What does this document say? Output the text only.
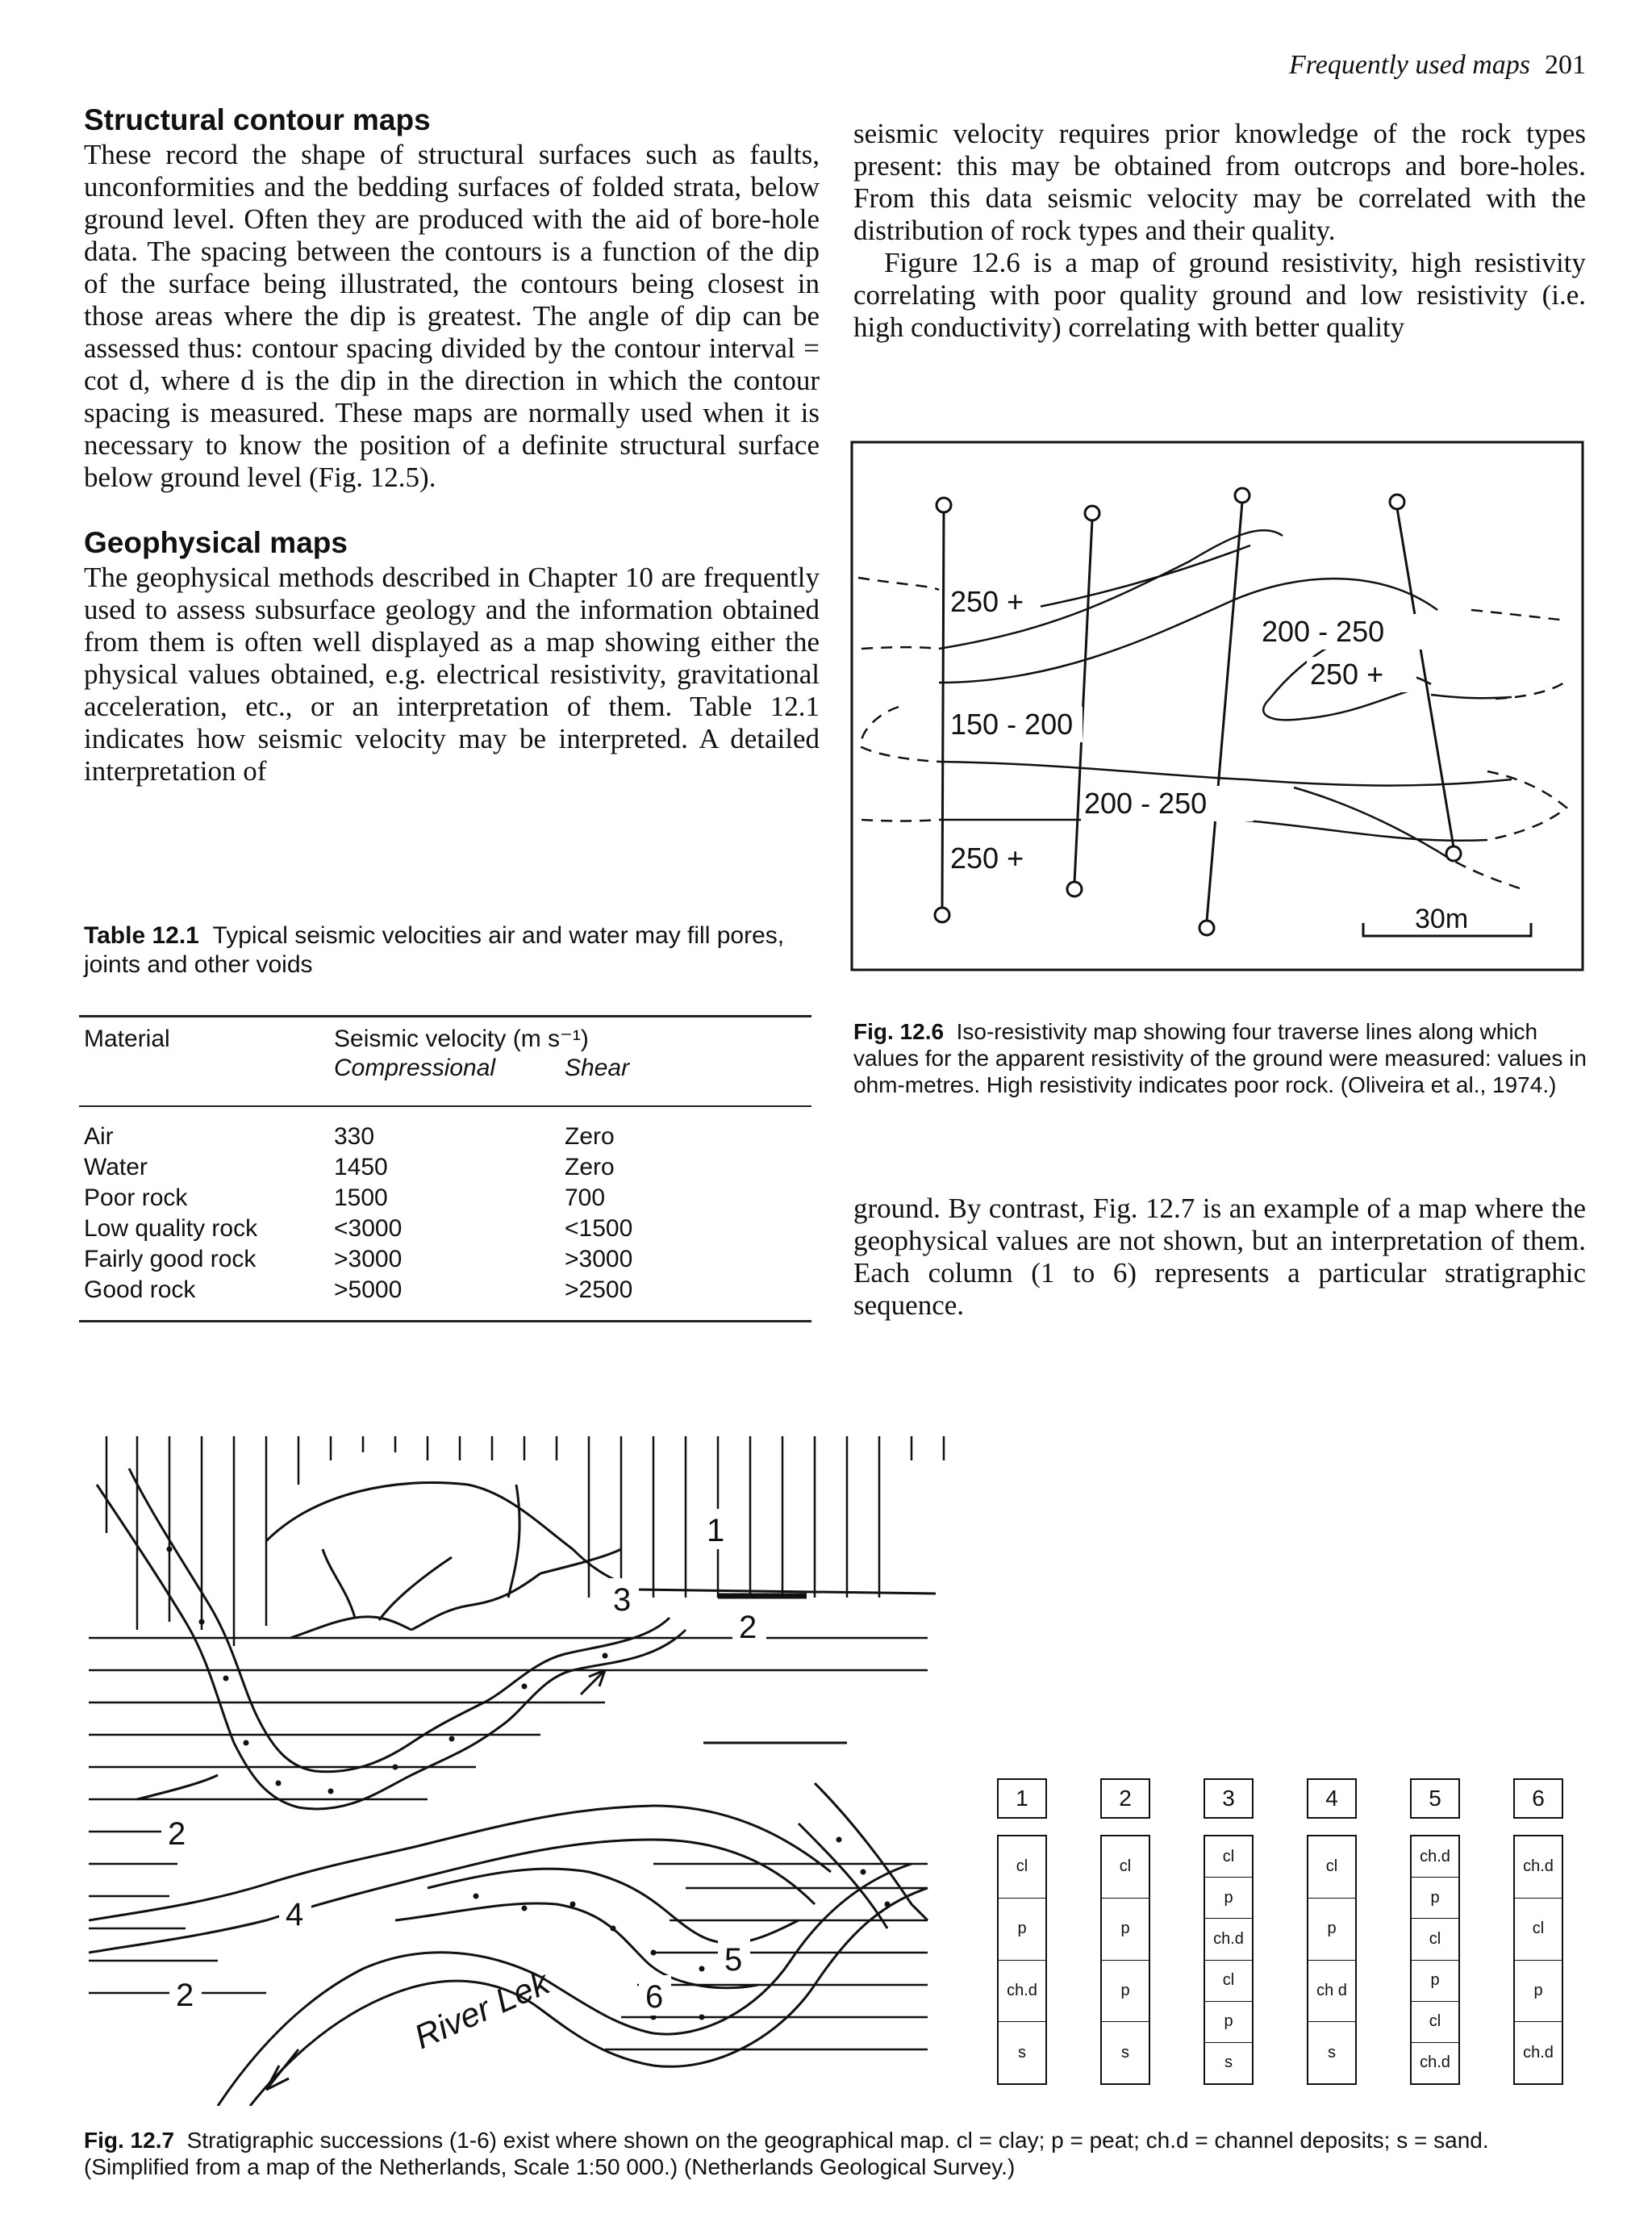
Frequently used maps 201
Structural contour maps

These record the shape of structural surfaces such as faults, unconformities and the bedding surfaces of folded strata, below ground level. Often they are produced with the aid of bore-hole data. The spacing between the contours is a function of the dip of the surface being illustrated, the contours being closest in those areas where the dip is greatest. The angle of dip can be assessed thus: contour spacing divided by the contour interval = cot d, where d is the dip in the direction in which the contour spacing is measured. These maps are normally used when it is necessary to know the position of a definite structural surface below ground level (Fig. 12.5).

Geophysical maps

The geophysical methods described in Chapter 10 are frequently used to assess subsurface geology and the information obtained from them is often well displayed as a map showing either the physical values obtained, e.g. electrical resistivity, gravitational acceleration, etc., or an interpretation of them. Table 12.1 indicates how seismic velocity may be interpreted. A detailed interpretation of

Table 12.1 Typical seismic velocities air and water may fill pores, joints and other voids
Material	Seismic velocity (m s⁻¹)
Compressional	Shear
Air	330	Zero
Water	1450	Zero
Poor rock	1500	700
Low quality rock	<3000	<1500
Fairly good rock	>3000	>3000
Good rock	>5000	>2500

seismic velocity requires prior knowledge of the rock types present: this may be obtained from outcrops and bore-holes. From this data seismic velocity may be correlated with the distribution of rock types and their quality.

Figure 12.6 is a map of ground resistivity, high resistivity correlating with poor quality ground and low resistivity (i.e. high conductivity) correlating with better quality

250 +
200 - 250
250 +
150 - 200
200 - 250
250 +
30m
Fig. 12.6 Iso-resistivity map showing four traverse lines along which values for the apparent resistivity of the ground were measured: values in ohm-metres. High resistivity indicates poor rock. (Oliveira et al., 1974.)

ground. By contrast, Fig. 12.7 is an example of a map where the geophysical values are not shown, but an interpretation of them. Each column (1 to 6) represents a particular stratigraphic sequence.

1
2
3
2
4
5
2	6
River Lek
1
cl
p
ch.d
s
2
cl
p
p
s
3
cl
p
ch.d
cl
p
s
4
cl
p
ch d
s
5
ch.d
p
cl
p
cl
ch.d
6
ch.d
cl
p
ch.d
Fig. 12.7 Stratigraphic successions (1-6) exist where shown on the geographical map. cl = clay; p = peat; ch.d = channel deposits; s = sand. (Simplified from a map of the Netherlands, Scale 1:50 000.) (Netherlands Geological Survey.)
